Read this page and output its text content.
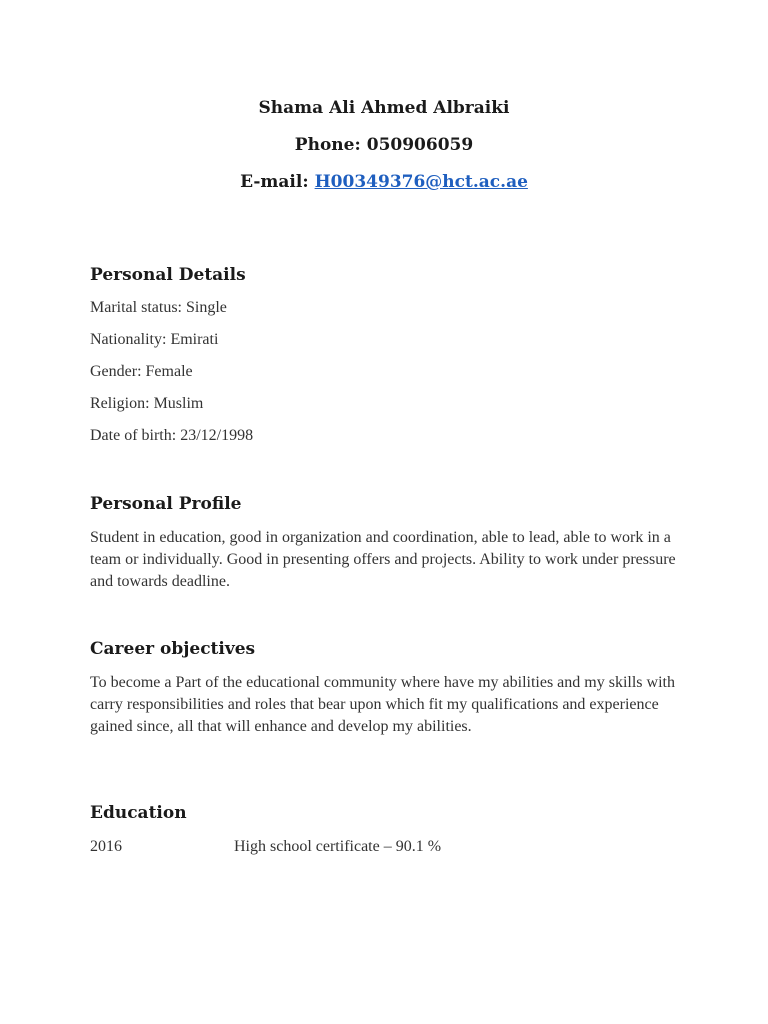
Shama Ali Ahmed Albraiki
Phone: 050906059
E-mail: H00349376@hct.ac.ae
Personal Details
Marital status: Single
Nationality: Emirati
Gender: Female
Religion: Muslim
Date of birth: 23/12/1998
Personal Profile

Student in education, good in organization and coordination, able to lead, able to work in a team or individually. Good in presenting offers and projects. Ability to work under pressure and towards deadline.

Career objectives

To become a Part of the educational community where have my abilities and my skills with carry responsibilities and roles that bear upon which fit my qualifications and experience gained since, all that will enhance and develop my abilities.

Education
2016	High school certificate – 90.1 %
